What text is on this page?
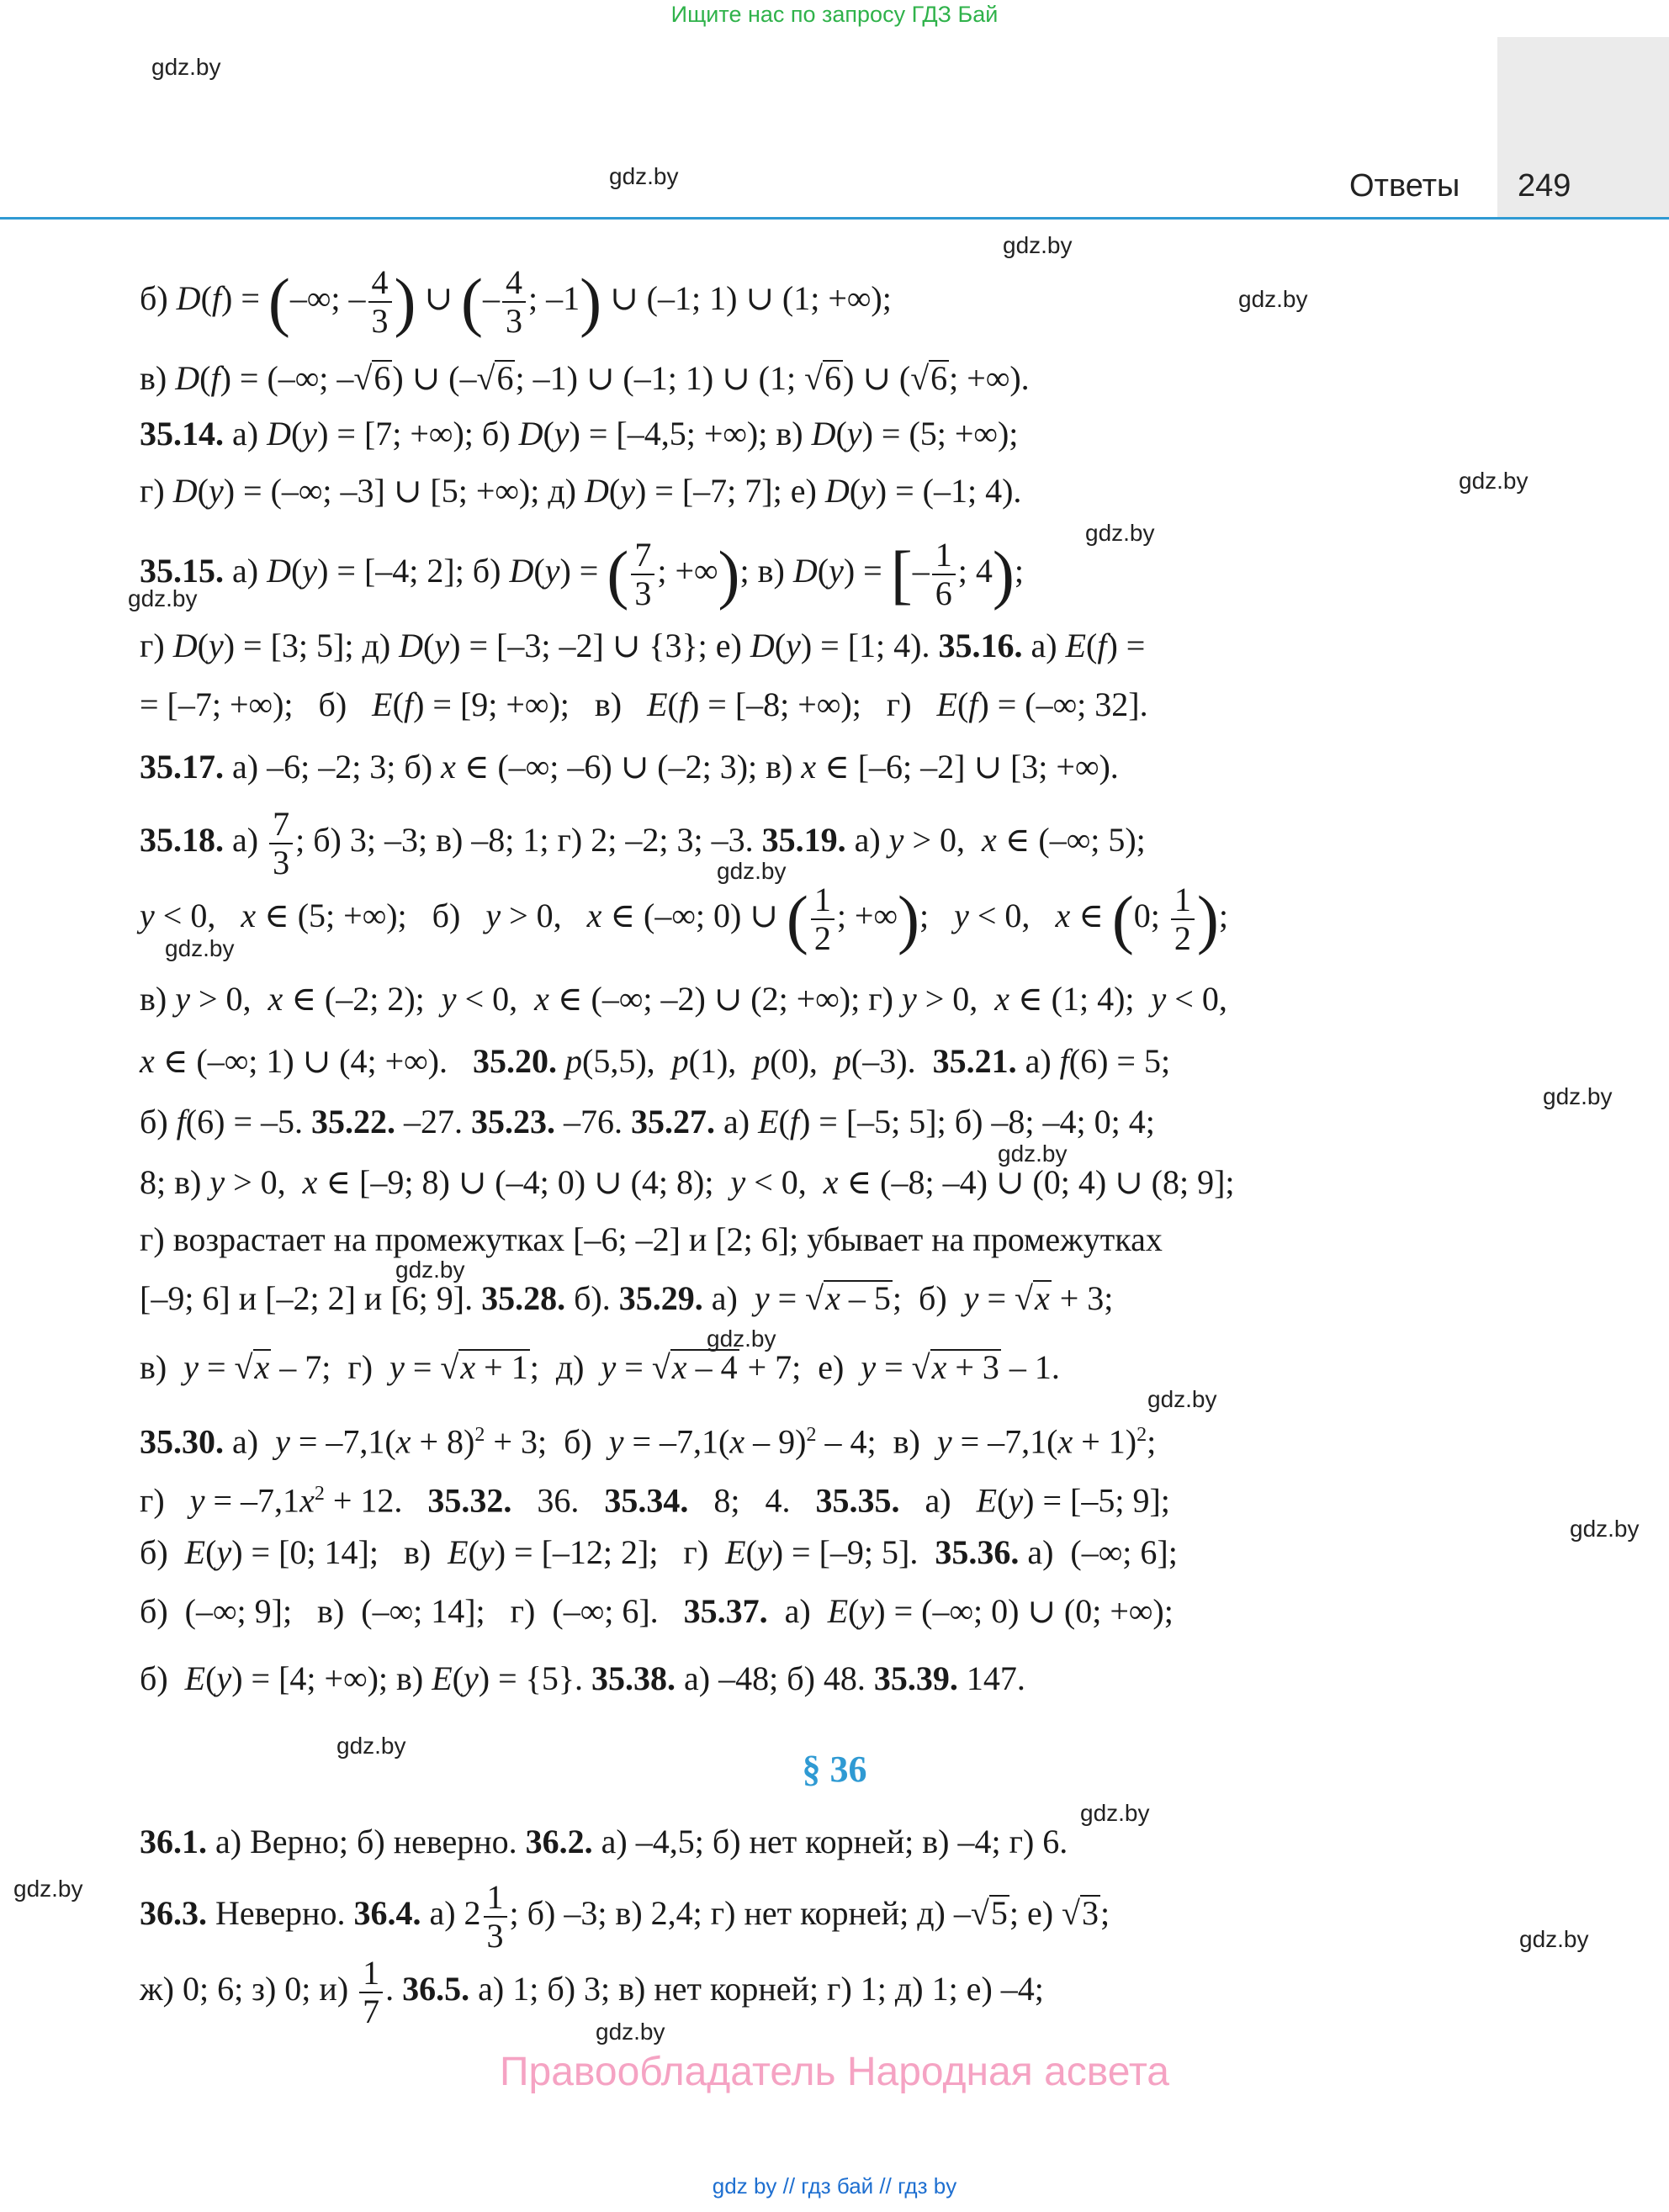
Ищите нас по запросу ГДЗ Бай
Ответы 249
gdz.by
gdz.by
gdz.by
gdz.by
gdz.by
gdz.by
gdz.by
gdz.by
gdz.by
gdz.by
gdz.by
gdz.by
gdz.by
gdz.by
gdz.by
gdz.by
gdz.by
gdz.by
gdz.by
gdz.by
б) D(f) = (–∞; – $\frac{4}{3}$ ) ∪ (– $\frac{4}{3}$ ; –1) ∪ (–1; 1) ∪ (1; +∞);
в) D(f) = (–∞; –√6) ∪ (–√6; –1) ∪ (–1; 1) ∪ (1; √6) ∪ (√6; +∞).
35.14. а) D(y) = [7; +∞); б) D(y) = [–4,5; +∞); в) D(y) = (5; +∞);
г) D(y) = (–∞; –3] ∪ [5; +∞); д) D(y) = [–7; 7]; е) D(y) = (–1; 4).
35.15. а) D(y) = [–4; 2]; б) D(y) = ( $\frac{7}{3}$ ; +∞); в) D(y) = [– $\frac{1}{6}$ ; 4);
г) D(y) = [3; 5]; д) D(y) = [–3; –2] ∪ {3}; е) D(y) = [1; 4). 35.16. а) E(f) =
= [–7; +∞);   б)   E(f) = [9; +∞);   в)   E(f) = [–8; +∞);   г)   E(f) = (–∞; 32].
35.17. а) –6; –2; 3; б) x ∈ (–∞; –6) ∪ (–2; 3); в) x ∈ [–6; –2] ∪ [3; +∞).
35.18. $а) \frac{7}{3}$ ; б) 3; –3; в) –8; 1; г) 2; –2; 3; –3. 35.19. а) y > 0,  x ∈ (–∞; 5);
y < 0,   x ∈ (5; +∞);   б)   y > 0,   x ∈ (–∞; 0) ∪ ( $\frac{1}{2}$ ; +∞);   y < 0,   x ∈ (0; $\frac{1}{2}$ );
в) y > 0,  x ∈ (–2; 2);  y < 0,  x ∈ (–∞; –2) ∪ (2; +∞); г) y > 0,  x ∈ (1; 4);  y < 0,
x ∈ (–∞; 1) ∪ (4; +∞).   35.20. p(5,5),  p(1),  p(0),  p(–3).  35.21. а) f(6) = 5;
б) f(6) = –5. 35.22. –27. 35.23. –76. 35.27. а) E(f) = [–5; 5]; б) –8; –4; 0; 4;
8; в) y > 0,  x ∈ [–9; 8) ∪ (–4; 0) ∪ (4; 8);  y < 0,  x ∈ (–8; –4) ∪ (0; 4) ∪ (8; 9];
г) возрастает на промежутках [–6; –2] и [2; 6]; убывает на промежутках
[–9; 6] и [–2; 2] и [6; 9]. 35.28. б). 35.29. а)  y = √x – 5;  б)  y = √x + 3;
в)  y = √x – 7;  г)  y = √x + 1;  д)  y = √x – 4 + 7;  е)  y = √x + 3 – 1.
35.30. а)  $y = -7,1(x + 8)^2 + 3$;  б)  y = –7,1(x – 9)$^2$ – 4;  в)  $y = -7,1(x + 1)^2$;
г)   $y = -7,1x^2 + 12$.   35.32.   36.   35.34.   8;   4.   35.35.   а)   E(y) = [–5; 9];
б)  E(y) = [0; 14];   в)  E(y) = [–12; 2];   г)  E(y) = [–9; 5].  35.36. а)  (–∞; 6];
б)  (–∞; 9];   в)  (–∞; 14];   г)  (–∞; 6].   35.37.  а)  E(y) = (–∞; 0) ∪ (0; +∞);
б)  E(y) = [4; +∞); в) E(y) = {5}. 35.38. а) –48; б) 48. 35.39. 147.
§ 36
36.1. а) Верно; б) неверно. 36.2. а) –4,5; б) нет корней; в) –4; г) 6.
36.3. Неверно. 36.4. а) $2 \frac{1}{3}$ ; б) –3; в) 2,4; г) нет корней; д) –√5; е) √3;
ж) 0; 6; з) 0; $и) \frac{1}{7}$ . 36.5. а) 1; б) 3; в) нет корней; г) 1; д) 1; е) –4;
Правообладатель Народная асвета
gdz by // гдз бай // гдз by
